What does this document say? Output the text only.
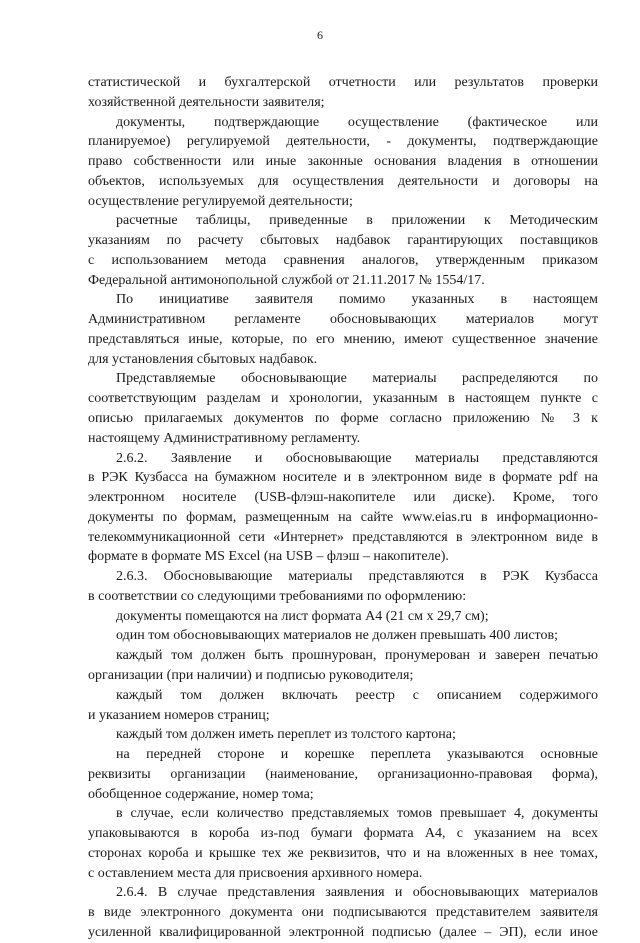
6
статистической и бухгалтерской отчетности или результатов проверки
хозяйственной деятельности заявителя;
документы, подтверждающие осуществление (фактическое или
планируемое) регулируемой деятельности, - документы, подтверждающие
право собственности или иные законные основания владения в отношении
объектов, используемых для осуществления деятельности и договоры на
осуществление регулируемой деятельности;
расчетные таблицы, приведенные в приложении к Методическим
указаниям по расчету сбытовых надбавок гарантирующих поставщиков
с использованием метода сравнения аналогов, утвержденным приказом
Федеральной антимонопольной службой от 21.11.2017 № 1554/17.
По инициативе заявителя помимо указанных в настоящем
Административном регламенте обосновывающих материалов могут
представляться иные, которые, по его мнению, имеют существенное значение
для установления сбытовых надбавок.
Представляемые обосновывающие материалы распределяются по
соответствующим разделам и хронологии, указанным в настоящем пункте с
описью прилагаемых документов по форме согласно приложению № 3 к
настоящему Административному регламенту.
2.6.2. Заявление и обосновывающие материалы представляются
в РЭК Кузбасса на бумажном носителе и в электронном виде в формате pdf на
электронном носителе (USB-флэш-накопителе или диске). Кроме, того
документы по формам, размещенным на сайте www.eias.ru в информационно-
телекоммуникационной сети «Интернет» представляются в электронном виде в
формате в формате MS Excel (на USB – флэш – накопителе).
2.6.3. Обосновывающие материалы представляются в РЭК Кузбасса
в соответствии со следующими требованиями по оформлению:
документы помещаются на лист формата А4 (21 см х 29,7 см);
один том обосновывающих материалов не должен превышать 400 листов;
каждый том должен быть прошнурован, пронумерован и заверен печатью
организации (при наличии) и подписью руководителя;
каждый том должен включать реестр с описанием содержимого
и указанием номеров страниц;
каждый том должен иметь переплет из толстого картона;
на передней стороне и корешке переплета указываются основные
реквизиты организации (наименование, организационно-правовая форма),
обобщенное содержание, номер тома;
в случае, если количество представляемых томов превышает 4, документы
упаковываются в короба из-под бумаги формата А4, с указанием на всех
сторонах короба и крышке тех же реквизитов, что и на вложенных в нее томах,
с оставлением места для присвоения архивного номера.
2.6.4. В случае представления заявления и обосновывающих материалов
в виде электронного документа они подписываются представителем заявителя
усиленной квалифицированной электронной подписью (далее – ЭП), если иное
